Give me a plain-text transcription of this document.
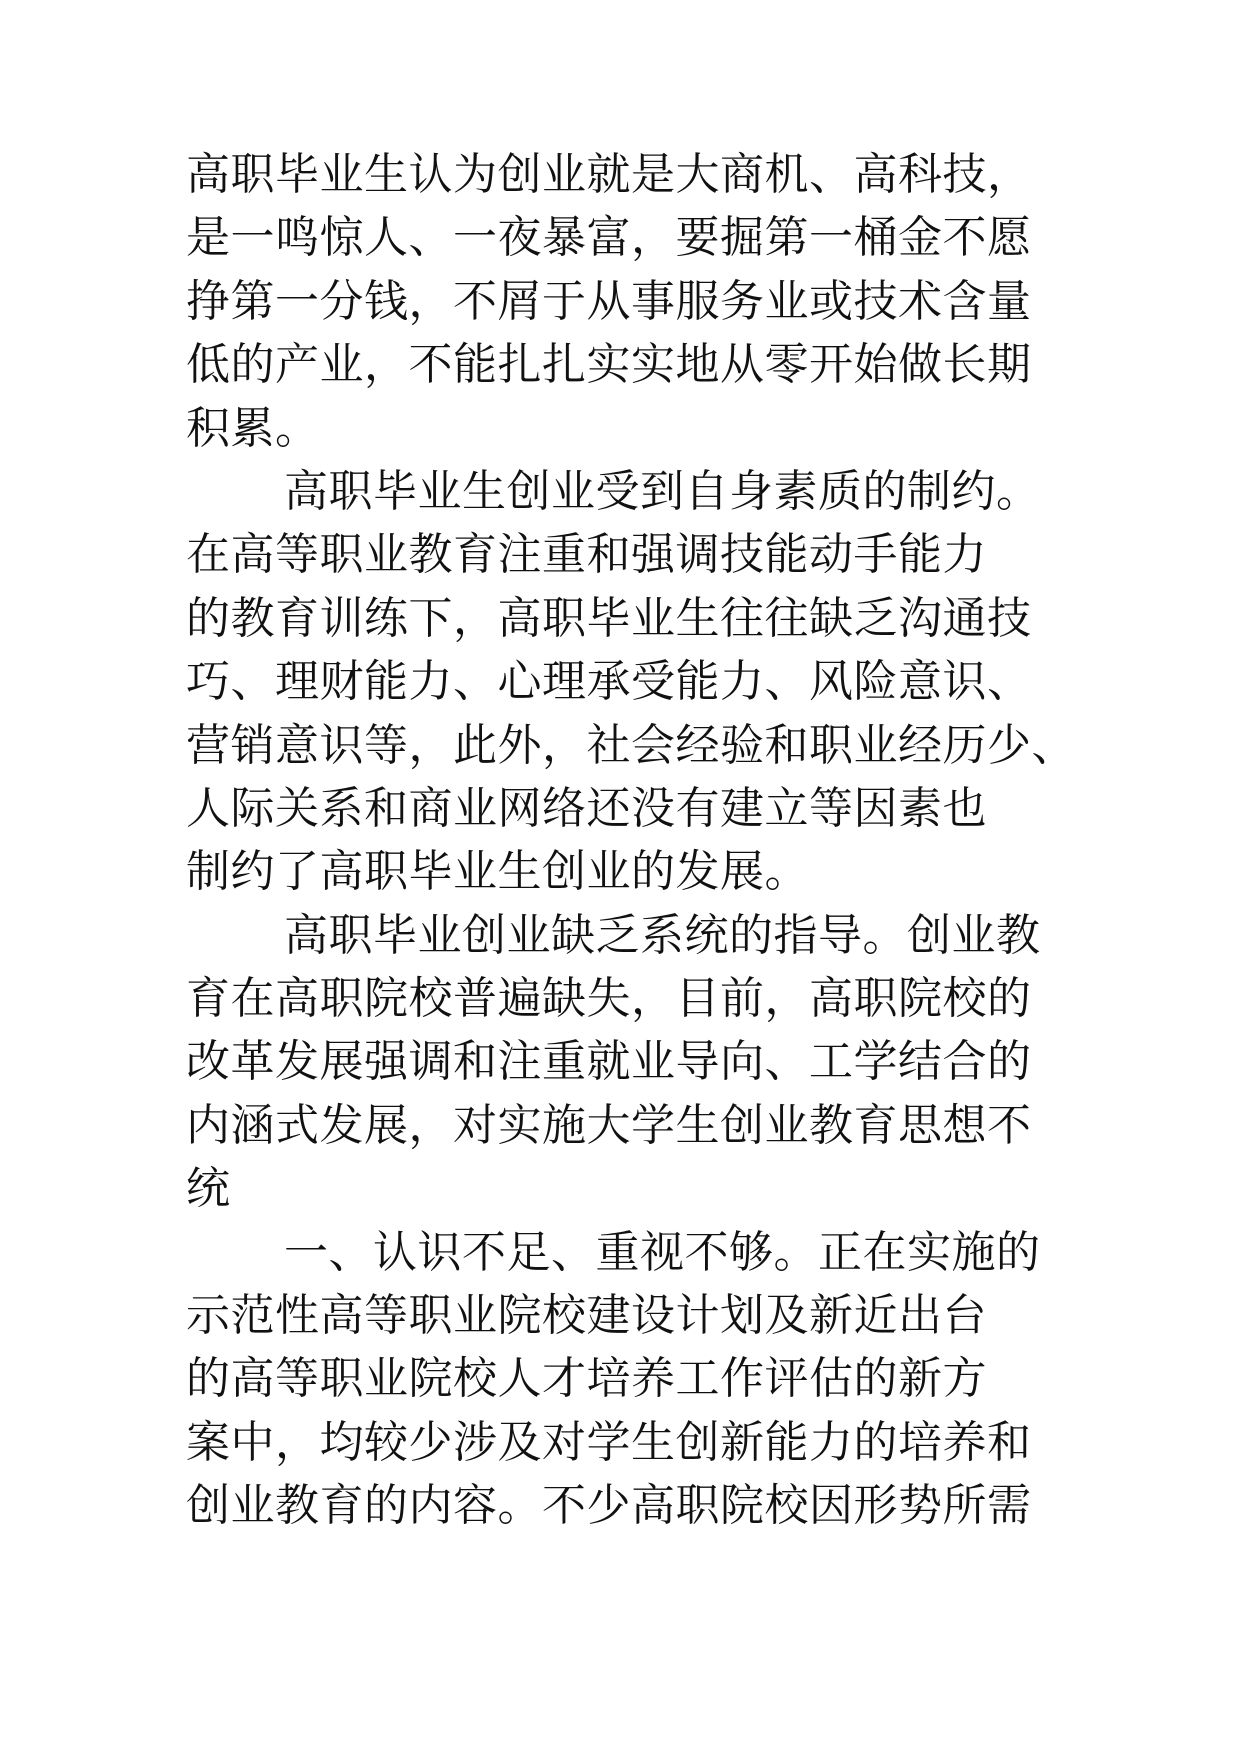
高职毕业生认为创业就是大商机、高科技，
是一鸣惊人、一夜暴富，要掘第一桶金不愿
挣第一分钱，不屑于从事服务业或技术含量
低的产业，不能扎扎实实地从零开始做长期
积累。
高职毕业生创业受到自身素质的制约。
在高等职业教育注重和强调技能动手能力
的教育训练下，高职毕业生往往缺乏沟通技
巧、理财能力、心理承受能力、风险意识、
营销意识等，此外，社会经验和职业经历少、
人际关系和商业网络还没有建立等因素也
制约了高职毕业生创业的发展。
高职毕业创业缺乏系统的指导。创业教
育在高职院校普遍缺失，目前，高职院校的
改革发展强调和注重就业导向、工学结合的
内涵式发展，对实施大学生创业教育思想不
统
一、认识不足、重视不够。正在实施的
示范性高等职业院校建设计划及新近出台
的高等职业院校人才培养工作评估的新方
案中，均较少涉及对学生创新能力的培养和
创业教育的内容。不少高职院校因形势所需
